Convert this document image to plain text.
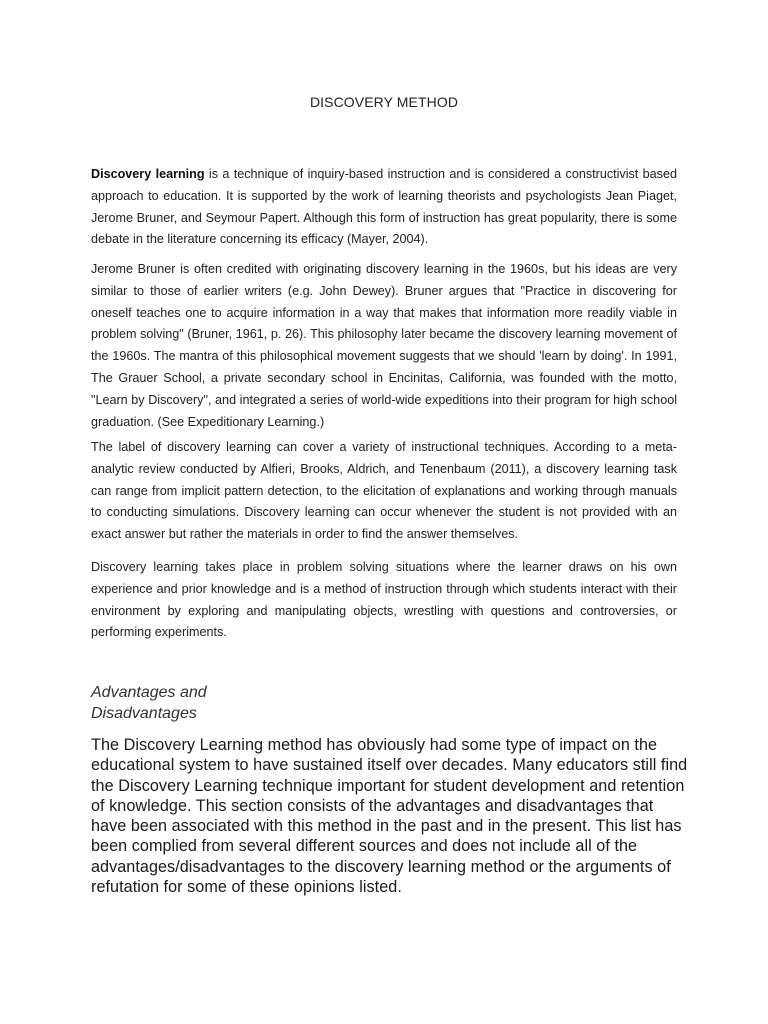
DISCOVERY METHOD
Discovery learning is a technique of inquiry-based instruction and is considered a constructivist based approach to education. It is supported by the work of learning theorists and psychologists Jean Piaget, Jerome Bruner, and Seymour Papert. Although this form of instruction has great popularity, there is some debate in the literature concerning its efficacy (Mayer, 2004).
Jerome Bruner is often credited with originating discovery learning in the 1960s, but his ideas are very similar to those of earlier writers (e.g. John Dewey). Bruner argues that "Practice in discovering for oneself teaches one to acquire information in a way that makes that information more readily viable in problem solving" (Bruner, 1961, p. 26). This philosophy later became the discovery learning movement of the 1960s. The mantra of this philosophical movement suggests that we should 'learn by doing'. In 1991, The Grauer School, a private secondary school in Encinitas, California, was founded with the motto, "Learn by Discovery", and integrated a series of world-wide expeditions into their program for high school graduation. (See Expeditionary Learning.)
The label of discovery learning can cover a variety of instructional techniques. According to a meta-analytic review conducted by Alfieri, Brooks, Aldrich, and Tenenbaum (2011), a discovery learning task can range from implicit pattern detection, to the elicitation of explanations and working through manuals to conducting simulations. Discovery learning can occur whenever the student is not provided with an exact answer but rather the materials in order to find the answer themselves.
Discovery learning takes place in problem solving situations where the learner draws on his own experience and prior knowledge and is a method of instruction through which students interact with their environment by exploring and manipulating objects, wrestling with questions and controversies, or performing experiments.
Advantages and Disadvantages
The Discovery Learning method has obviously had some type of impact on the educational system to have sustained itself over decades. Many educators still find the Discovery Learning technique important for student development and retention of knowledge. This section consists of the advantages and disadvantages that have been associated with this method in the past and in the present. This list has been complied from several different sources and does not include all of the advantages/disadvantages to the discovery learning method or the arguments of refutation for some of these opinions listed.
